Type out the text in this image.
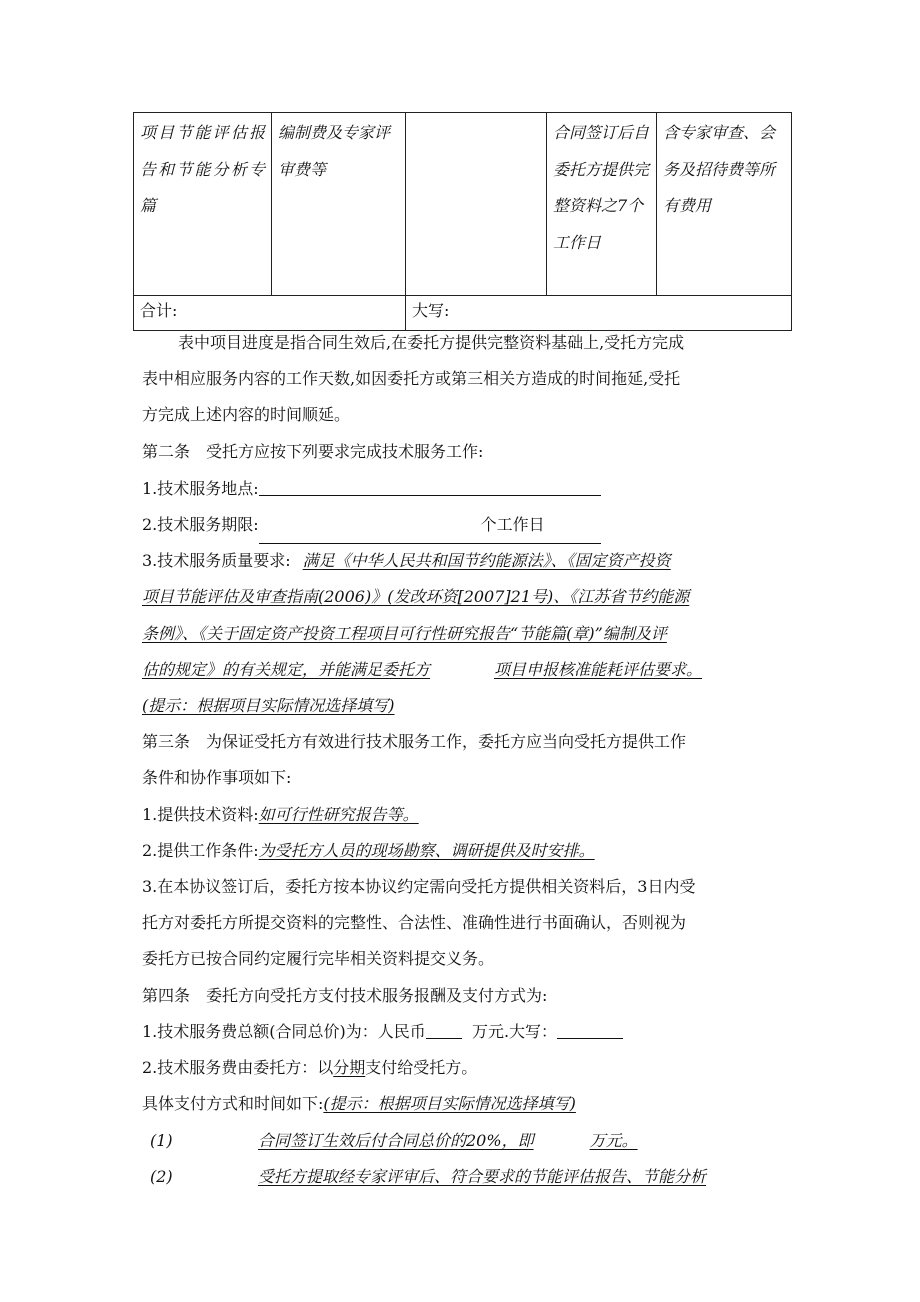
项目节能评估报告和节能分析专篇	编制费及专家评审费等		合同签订后自委托方提供完整资料之7个工作日	含专家审查、会务及招待费等所有费用

合计:		大写:		
表中项目进度是指合同生效后,在委托方提供完整资料基础上,受托方完成
表中相应服务内容的工作天数,如因委托方或第三相关方造成的时间拖延,受托
方完成上述内容的时间顺延。
第二条　受托方应按下列要求完成技术服务工作:
1.技术服务地点:
2.技术服务期限:	个工作日
3.技术服务质量要求: 满足《中华人民共和国节约能源法》、《固定资产投资
项目节能评估及审查指南(2006)》(发改环资[2007]21号)、《江苏省节约能源
条例》、《关于固定资产投资工程项目可行性研究报告“节能篇(章)”编制及评
估的规定》的有关规定，并能满足委托方	项目申报核准能耗评估要求。
(提示：根据项目实际情况选择填写)
第三条　为保证受托方有效进行技术服务工作，委托方应当向受托方提供工作
条件和协作事项如下:
1.提供技术资料:如可行性研究报告等。
2.提供工作条件:为受托方人员的现场勘察、调研提供及时安排。
3.在本协议签订后，委托方按本协议约定需向受托方提供相关资料后，3日内受
托方对委托方所提交资料的完整性、合法性、准确性进行书面确认，否则视为
委托方已按合同约定履行完毕相关资料提交义务。
第四条　委托方向受托方支付技术服务报酬及支付方式为:
1.技术服务费总额(合同总价)为：人民币	万元.大写：
2.技术服务费由委托方：以分期支付给受托方。
具体支付方式和时间如下:(提示：根据项目实际情况选择填写)
(1)	合同签订生效后付合同总价的20%，即	万元。
(2)	受托方提取经专家评审后、符合要求的节能评估报告、节能分析
